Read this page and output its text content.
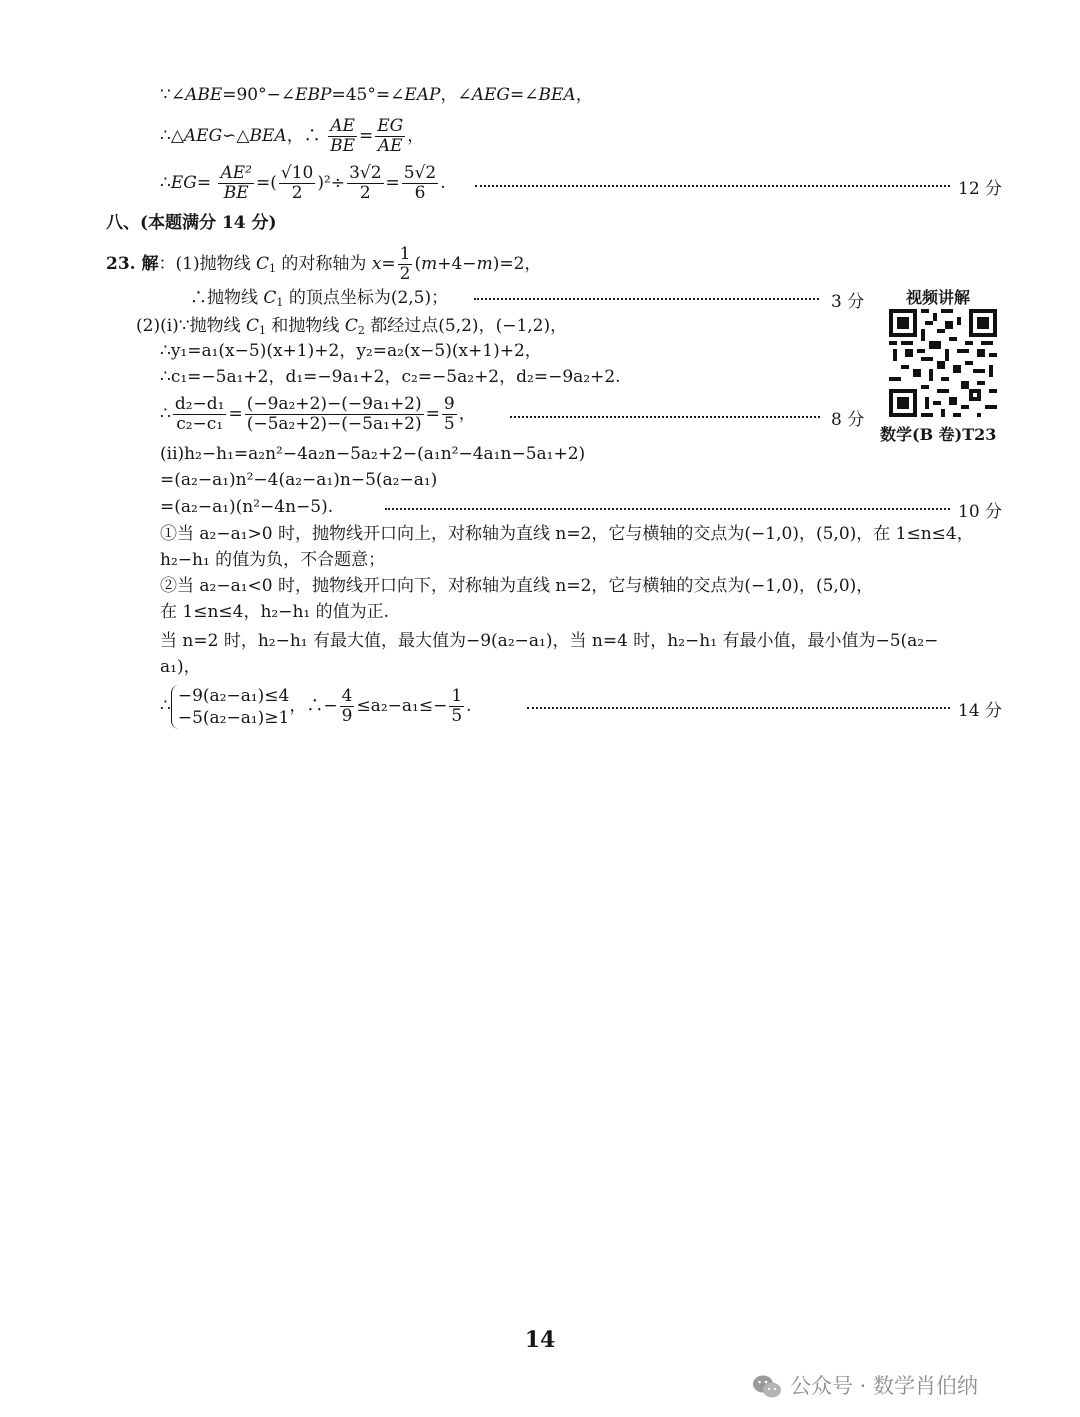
∵∠ABE=90°−∠EBP=45°=∠EAP，∠AEG=∠BEA，
∴△AEG∽△BEA，∴ $\frac{AE}{BE} = \frac{EG}{AE}$ ，
∴EG= $\frac{\text{AE²}}{BE}$ =( $\frac{√10}{2} )^2\div \frac{3√2}{2} = \frac{5√2}{6}$ .	12 分
八、(本题满分 14 分)
23. 解：(1)抛物线 $C_1$ 的对称轴为 $x= \frac{1}{2} (m+4-m)=2$，
∴抛物线 $C_1$ 的顶点坐标为(2,5)；	3 分	视频讲解
数学(B 卷)T23
(2)(i)∵抛物线 $C_1$ 和抛物线 $C_2$ 都经过点(5,2)，(−1,2)，
∴y₁=a₁(x−5)(x+1)+2，y₂=a₂(x−5)(x+1)+2，
∴c₁=−5a₁+2，d₁=−9a₁+2，c₂=−5a₂+2，d₂=−9a₂+2.
∴ $\frac{\text{d₂−d₁}}{\text{c₂−c₁}} = \frac{\text{(−9a₂+2)−(−9a₁+2)}}{\text{(−5a₂+2)−(−5a₁+2)}} = \frac{9}{5}$ ，	8 分
(ii)h₂−h₁=a₂n²−4a₂n−5a₂+2−(a₁n²−4a₁n−5a₁+2)
=(a₂−a₁)n²−4(a₂−a₁)n−5(a₂−a₁)
=(a₂−a₁)(n²−4n−5).	10 分
①当 a₂−a₁>0 时，抛物线开口向上，对称轴为直线 n=2，它与横轴的交点为(−1,0)，(5,0)，在 1≤n≤4，
h₂−h₁ 的值为负，不合题意；
②当 a₂−a₁<0 时，抛物线开口向下，对称轴为直线 n=2，它与横轴的交点为(−1,0)，(5,0)，
在 1≤n≤4，h₂−h₁ 的值为正.
当 n=2 时，h₂−h₁ 有最大值，最大值为−9(a₂−a₁)，当 n=4 时，h₂−h₁ 有最小值，最小值为−5(a₂−
a₁)，
∴
−9(a₂−a₁)≤4
−5(a₂−a₁)≥1
，∴− $\frac{4}{9} \le a_2-a_1\le- \frac{1}{5}$ .	14 分
14
公众号 · 数学肖伯纳
